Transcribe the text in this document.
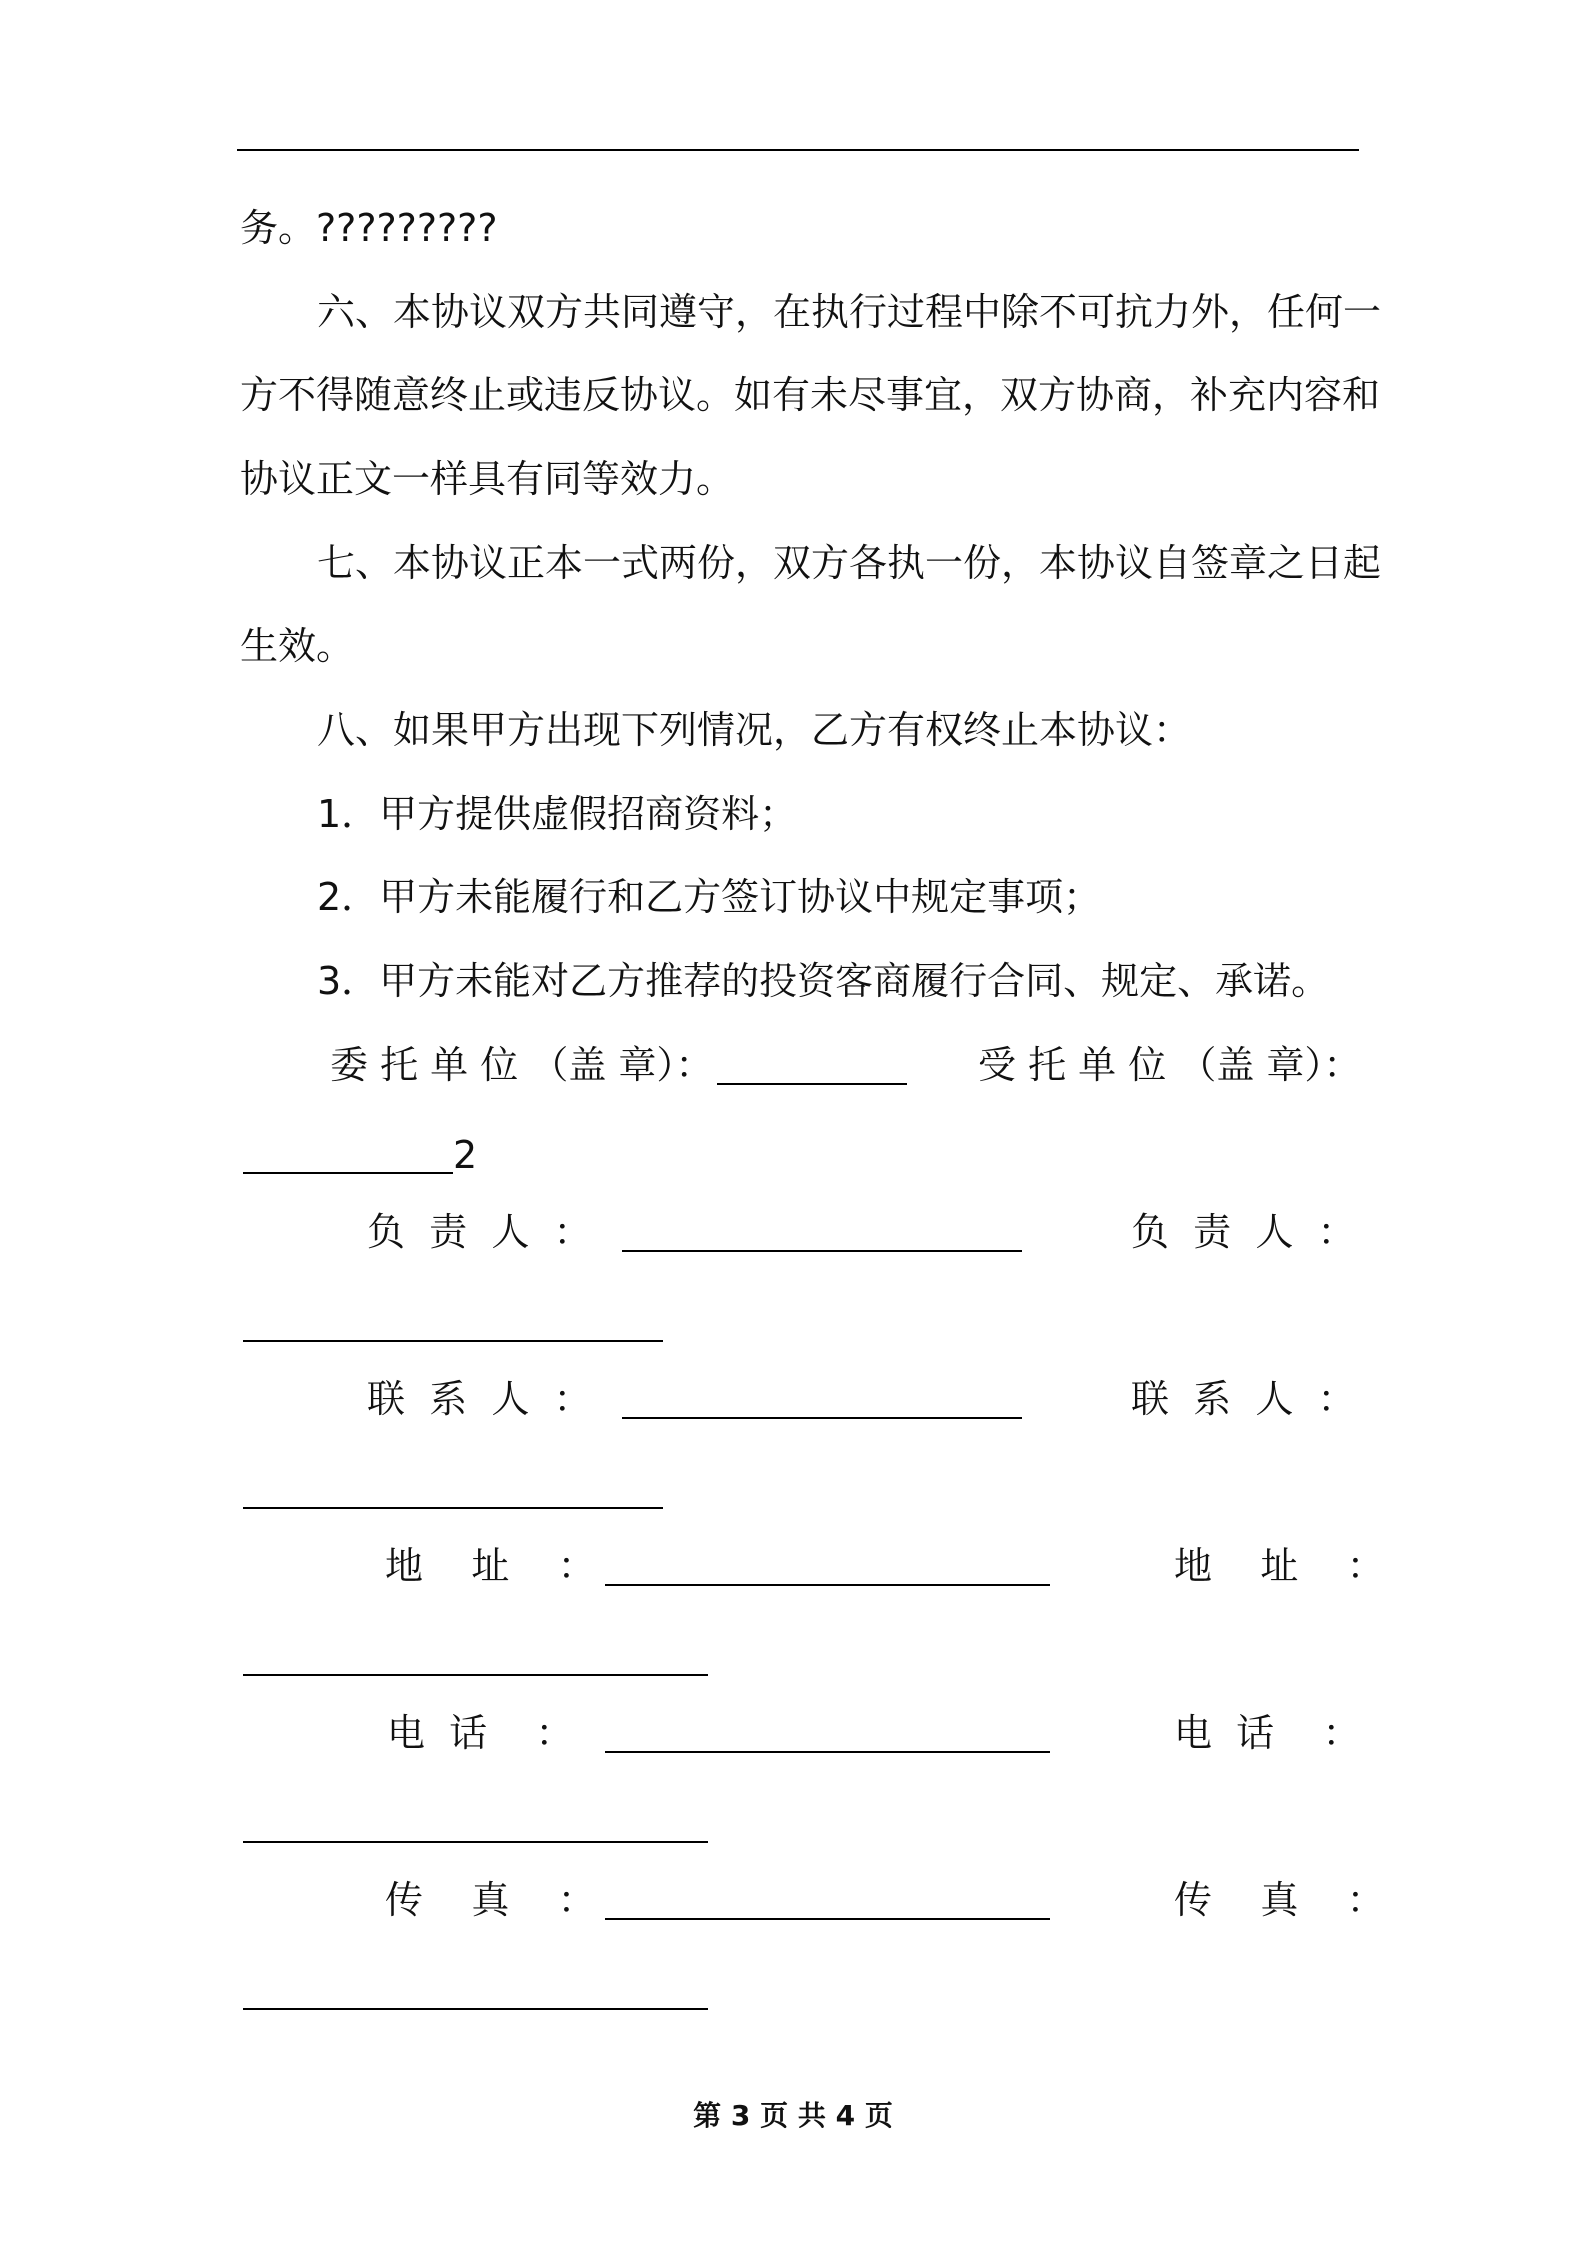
务。?????????
六、本协议双方共同遵守，在执行过程中除不可抗力外，任何一
方不得随意终止或违反协议。如有未尽事宜，双方协商，补充内容和
协议正文一样具有同等效力。
七、本协议正本一式两份，双方各执一份，本协议自签章之日起
生效。
八、如果甲方出现下列情况，乙方有权终止本协议：
1．甲方提供虚假招商资料；
2．甲方未能履行和乙方签订协议中规定事项；
3．甲方未能对乙方推荐的投资客商履行合同、规定、承诺。
委 托 单 位 （盖 章）：	受 托 单 位 （盖 章）：
2
负  责  人  ：	负  责  人  ：
联  系  人  ：	联  系  人  ：
地    址    ：	地    址    ：
电  话    ：	电  话    ：
传    真    ：	传    真    ：
第 3 页 共 4 页
